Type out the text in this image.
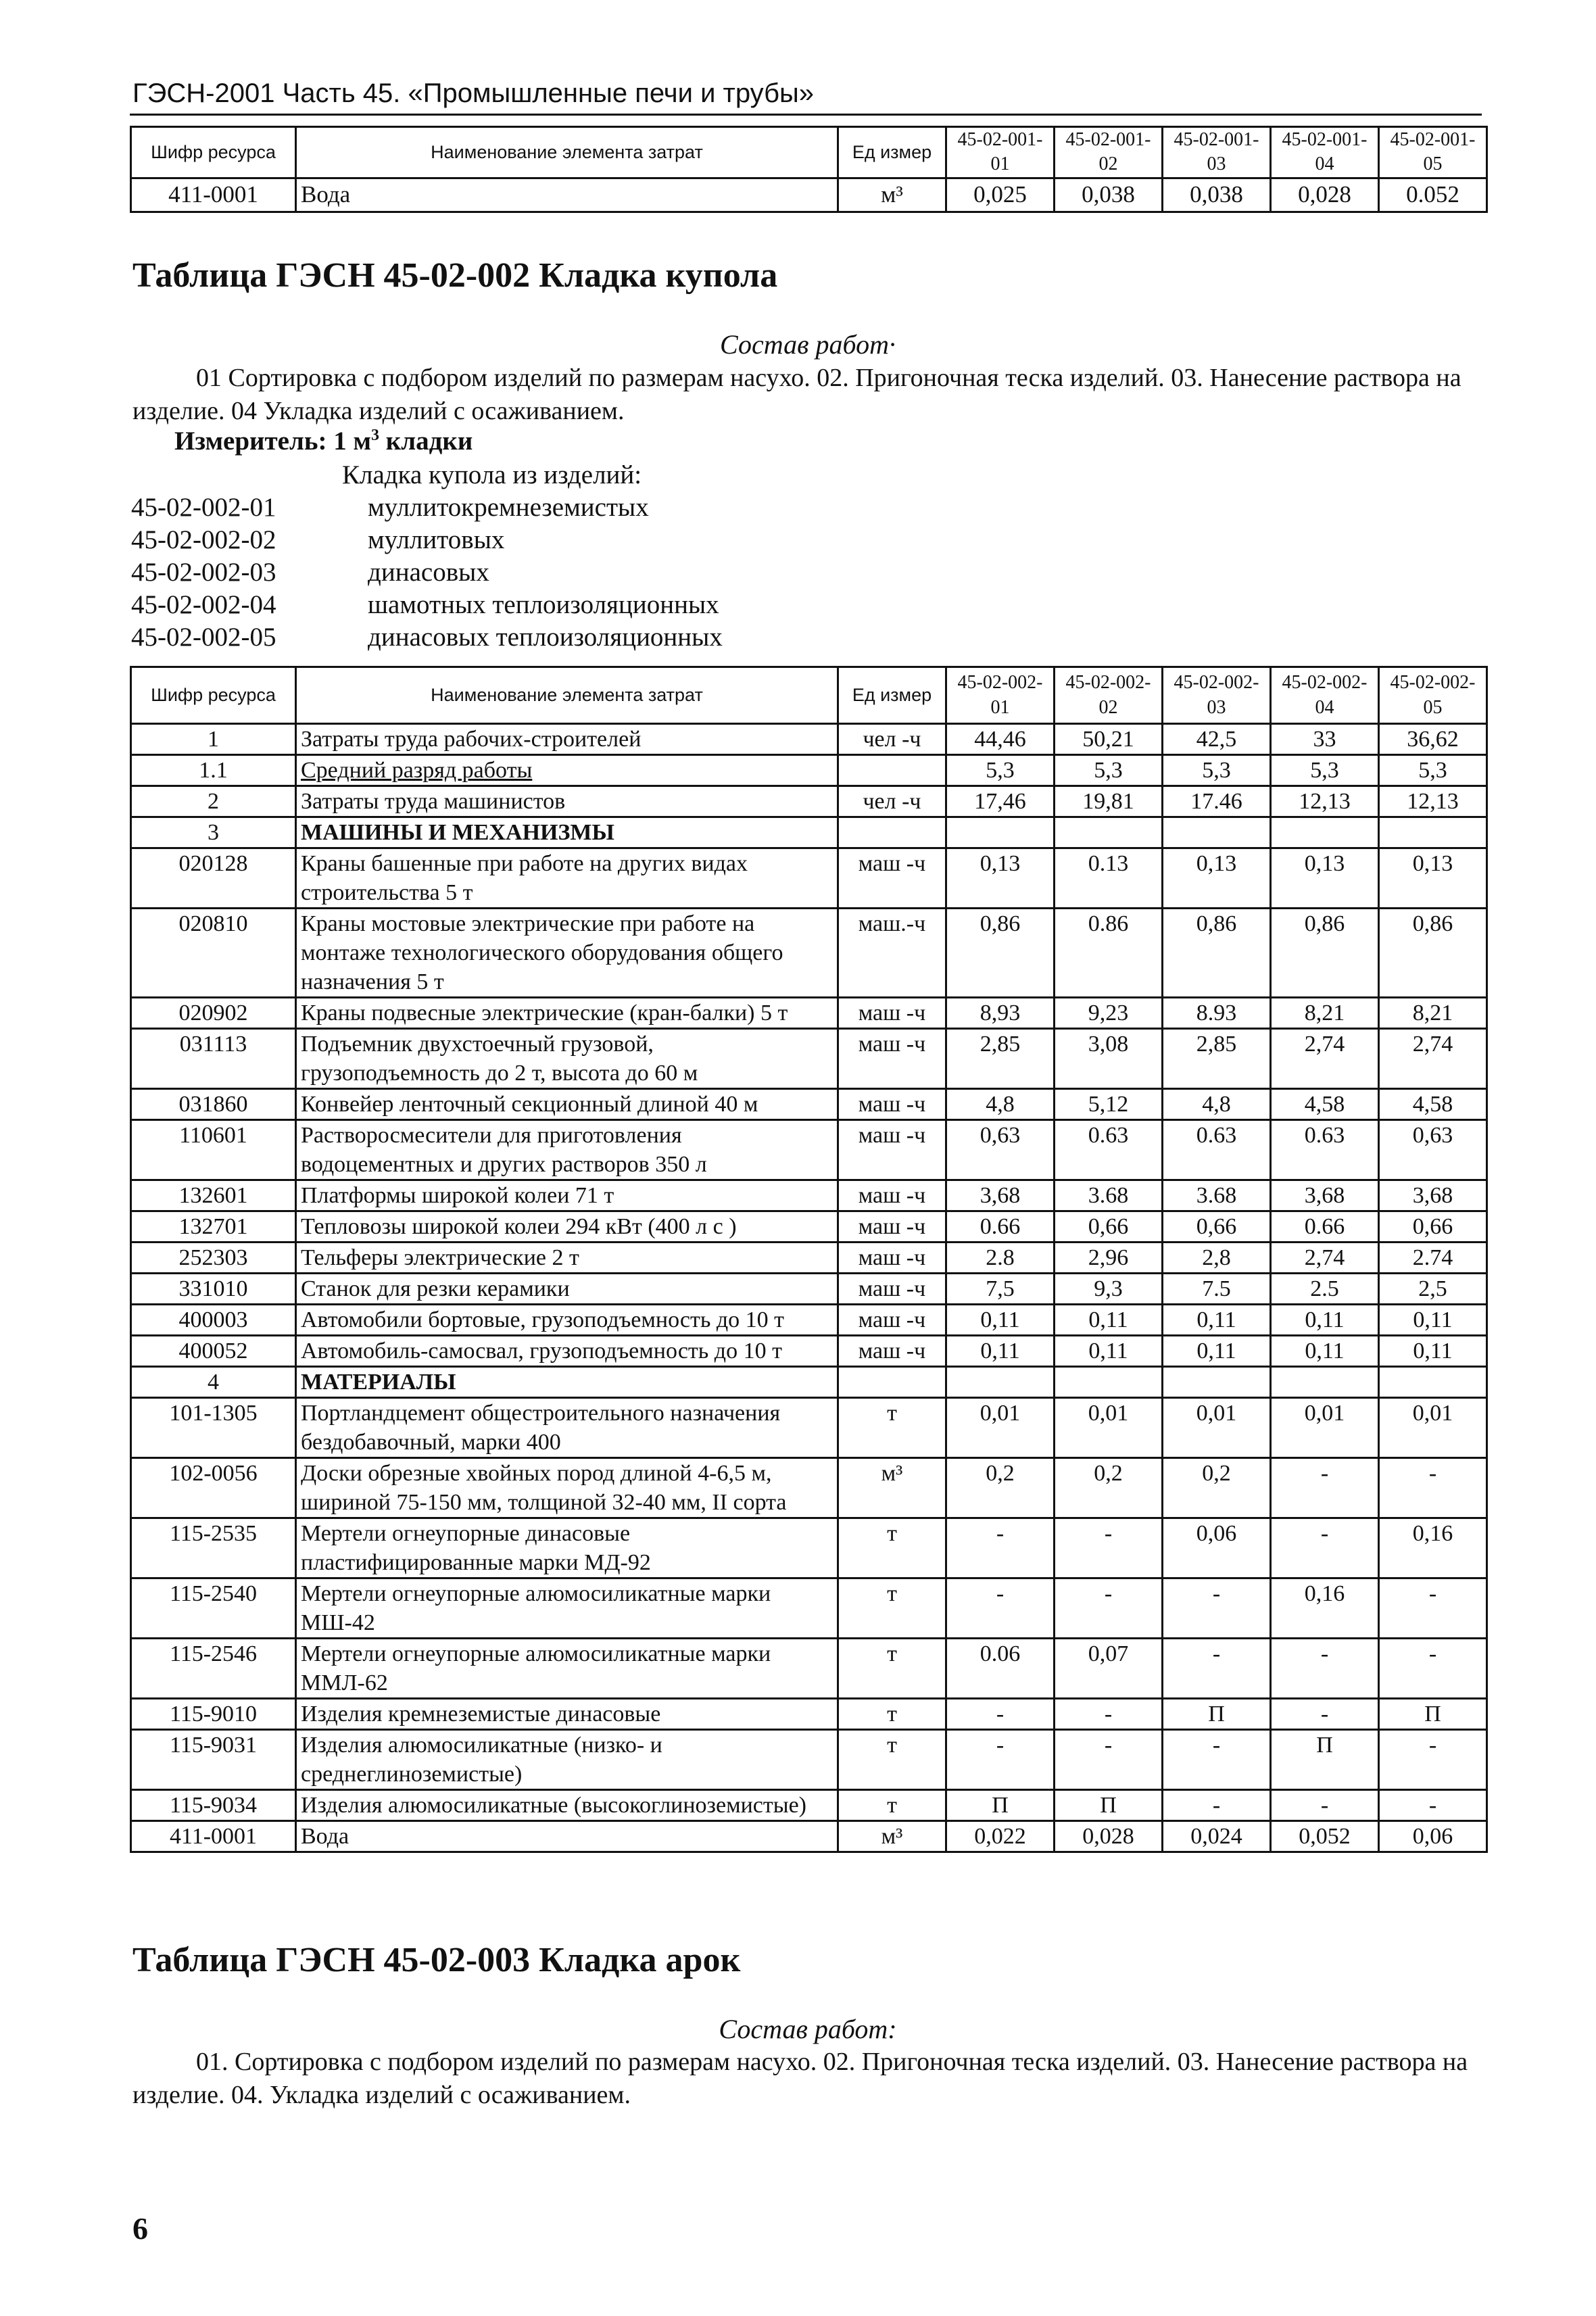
ГЭСН-2001 Часть 45. «Промышленные печи и трубы»
Шифр ресурса	Наименование элемента затрат	Ед измер	45-02-001-01	45-02-001-02	45-02-001-03	45-02-001-04	45-02-001-05
411-0001	Вода	м³	0,025	0,038	0,038	0,028	0.052
Таблица ГЭСН 45-02-002 Кладка купола
Состав работ·

01 Сортировка с подбором изделий по размерам насухо. 02. Пригоночная теска изделий. 03. Нанесение раствора на изделие. 04 Укладка изделий с осаживанием.

Измеритель: 1 $м^3$ кладки
Кладка купола из изделий:
45-02-002-01	муллитокремнеземистых
45-02-002-02	муллитовых
45-02-002-03	динасовых
45-02-002-04	шамотных теплоизоляционных
45-02-002-05	динасовых теплоизоляционных
Шифр ресурса	Наименование элемента затрат	Ед измер	45-02-002-01	45-02-002-02	45-02-002-03	45-02-002-04	45-02-002-05
1	Затраты труда рабочих-строителей	чел -ч	44,46	50,21	42,5	33	36,62
1.1	Средний разряд работы		5,3	5,3	5,3	5,3	5,3
2	Затраты труда машинистов	чел -ч	17,46	19,81	17.46	12,13	12,13
3	МАШИНЫ И МЕХАНИЗМЫ						
020128	Краны башенные при работе на других видах строительства 5 т	маш -ч	0,13	0.13	0,13	0,13	0,13
020810	Краны мостовые электрические при работе на монтаже технологического оборудования общего назначения 5 т	маш.-ч	0,86	0.86	0,86	0,86	0,86
020902	Краны подвесные электрические (кран-балки) 5 т	маш -ч	8,93	9,23	8.93	8,21	8,21
031113	Подъемник двухстоечный грузовой, грузоподъемность до 2 т, высота до 60 м	маш -ч	2,85	3,08	2,85	2,74	2,74
031860	Конвейер ленточный секционный длиной 40 м	маш -ч	4,8	5,12	4,8	4,58	4,58
110601	Растворосмесители для приготовления водоцементных и других растворов 350 л	маш -ч	0,63	0.63	0.63	0.63	0,63
132601	Платформы широкой колеи 71 т	маш -ч	3,68	3.68	3.68	3,68	3,68
132701	Тепловозы широкой колеи 294 кВт (400 л с )	маш -ч	0.66	0,66	0,66	0.66	0,66
252303	Тельферы электрические 2 т	маш -ч	2.8	2,96	2,8	2,74	2.74
331010	Станок для резки керамики	маш -ч	7,5	9,3	7.5	2.5	2,5
400003	Автомобили бортовые, грузоподъемность до 10 т	маш -ч	0,11	0,11	0,11	0,11	0,11
400052	Автомобиль-самосвал, грузоподъемность до 10 т	маш -ч	0,11	0,11	0,11	0,11	0,11
4	МАТЕРИАЛЫ						
101-1305	Портландцемент общестроительного назначения бездобавочный, марки 400	т	0,01	0,01	0,01	0,01	0,01
102-0056	Доски обрезные хвойных пород длиной 4-6,5 м, шириной 75-150 мм, толщиной 32-40 мм, II сорта	м³	0,2	0,2	0,2	-	-
115-2535	Мертели огнеупорные динасовые пластифицированные марки МД-92	т	-	-	0,06	-	0,16
115-2540	Мертели огнеупорные алюмосиликатные марки МШ-42	т	-	-	-	0,16	-
115-2546	Мертели огнеупорные алюмосиликатные марки ММЛ-62	т	0.06	0,07	-	-	-
115-9010	Изделия кремнеземистые динасовые	т	-	-	П	-	П
115-9031	Изделия алюмосиликатные (низко- и среднеглиноземистые)	т	-	-	-	П	-
115-9034	Изделия алюмосиликатные (высокоглиноземистые)	т	П	П	-	-	-
411-0001	Вода	м³	0,022	0,028	0,024	0,052	0,06
Таблица ГЭСН 45-02-003 Кладка арок
Состав работ:

01. Сортировка с подбором изделий по размерам насухо. 02. Пригоночная теска изделий. 03. Нанесение раствора на изделие. 04. Укладка изделий с осаживанием.

6
